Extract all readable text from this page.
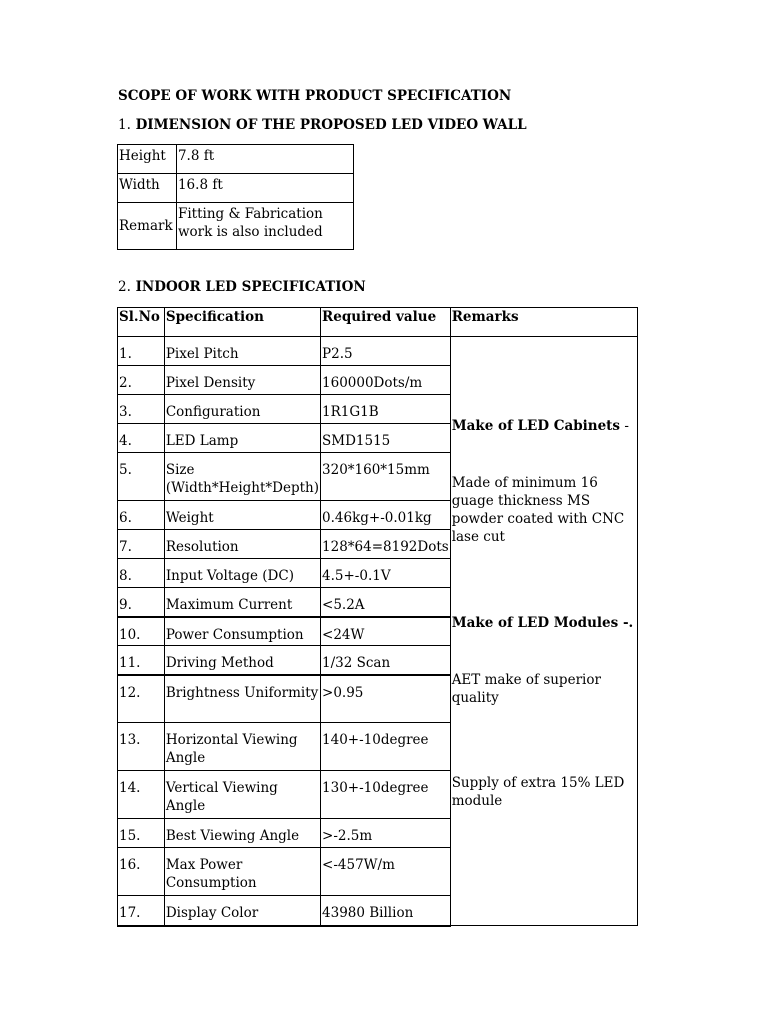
SCOPE OF WORK WITH PRODUCT SPECIFICATION
1. DIMENSION OF THE PROPOSED LED VIDEO WALL
Height	7.8 ft
Width	16.8 ft
Remark	Fitting & Fabrication work is also included
2. INDOOR LED SPECIFICATION
Sl.No	Specification	Required value	Remarks
1.	Pixel Pitch	P2.5	Make of LED Cabinets -
Made of minimum 16 guage thickness MS powder coated with CNC lase cut
Make of LED Modules -.
AET make of superior quality
Supply of extra 15% LED module

2.	Pixel Density	160000Dots/m	
3.	Configuration	1R1G1B	
4.	LED Lamp	SMD1515	
5.	Size (Width*Height*Depth)	320*160*15mm	
6.	Weight	0.46kg+-0.01kg	
7.	Resolution	128*64=8192Dots	
8.	Input Voltage (DC)	4.5+-0.1V	
9.	Maximum Current	<5.2A	
10.	Power Consumption	<24W	
11.	Driving Method	1/32 Scan	
12.	Brightness Uniformity	>0.95	
13.	Horizontal Viewing Angle	140+-10degree	
14.	Vertical Viewing Angle	130+-10degree	
15.	Best Viewing Angle	>-2.5m	
16.	Max Power Consumption	<-457W/m	
17.	Display Color	43980 Billion	
